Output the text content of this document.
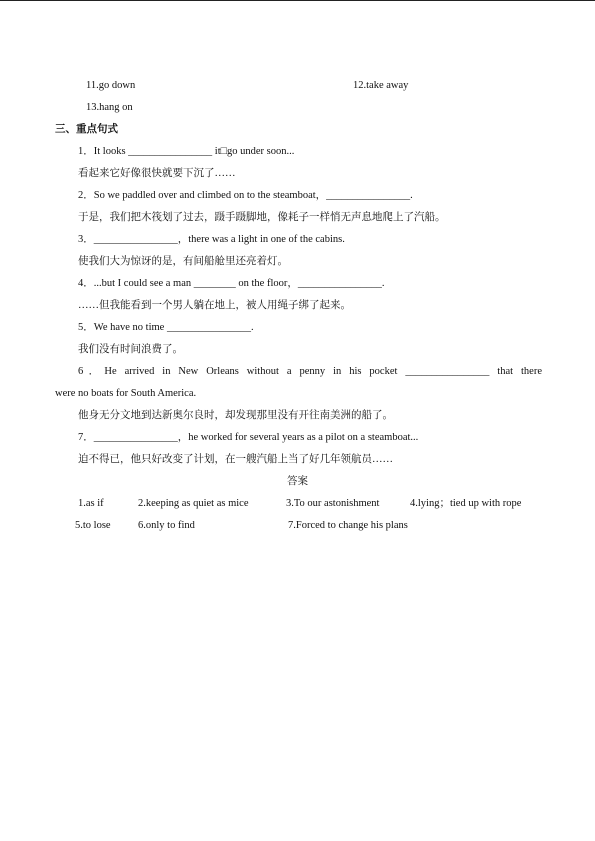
11.go down	12.take away
13.hang on
三、重点句式
1．It looks ________________ it□go under soon...
看起来它好像很快就要下沉了……
2．So we paddled over and climbed on to the steamboat，________________.
于是，我们把木筏划了过去，蹑手蹑脚地，像耗子一样悄无声息地爬上了汽船。
3．________________，there was a light in one of the cabins.
使我们大为惊讶的是，有间船舱里还亮着灯。
4．...but I could see a man ________ on the floor，________________.
……但我能看到一个男人躺在地上，被人用绳子绑了起来。
5．We have no time ________________.
我们没有时间浪费了。
6．He arrived in New Orleans without a penny in his pocket ________________ that there
were no boats for South America.
他身无分文地到达新奥尔良时，却发现那里没有开往南美洲的船了。
7．________________，he worked for several years as a pilot on a steamboat...
迫不得已，他只好改变了计划，在一艘汽船上当了好几年领航员……
答案
1.as if	2.keeping as quiet as mice	3.To our astonishment	4.lying；tied up with rope
5.to lose	6.only to find	7.Forced to change his plans
